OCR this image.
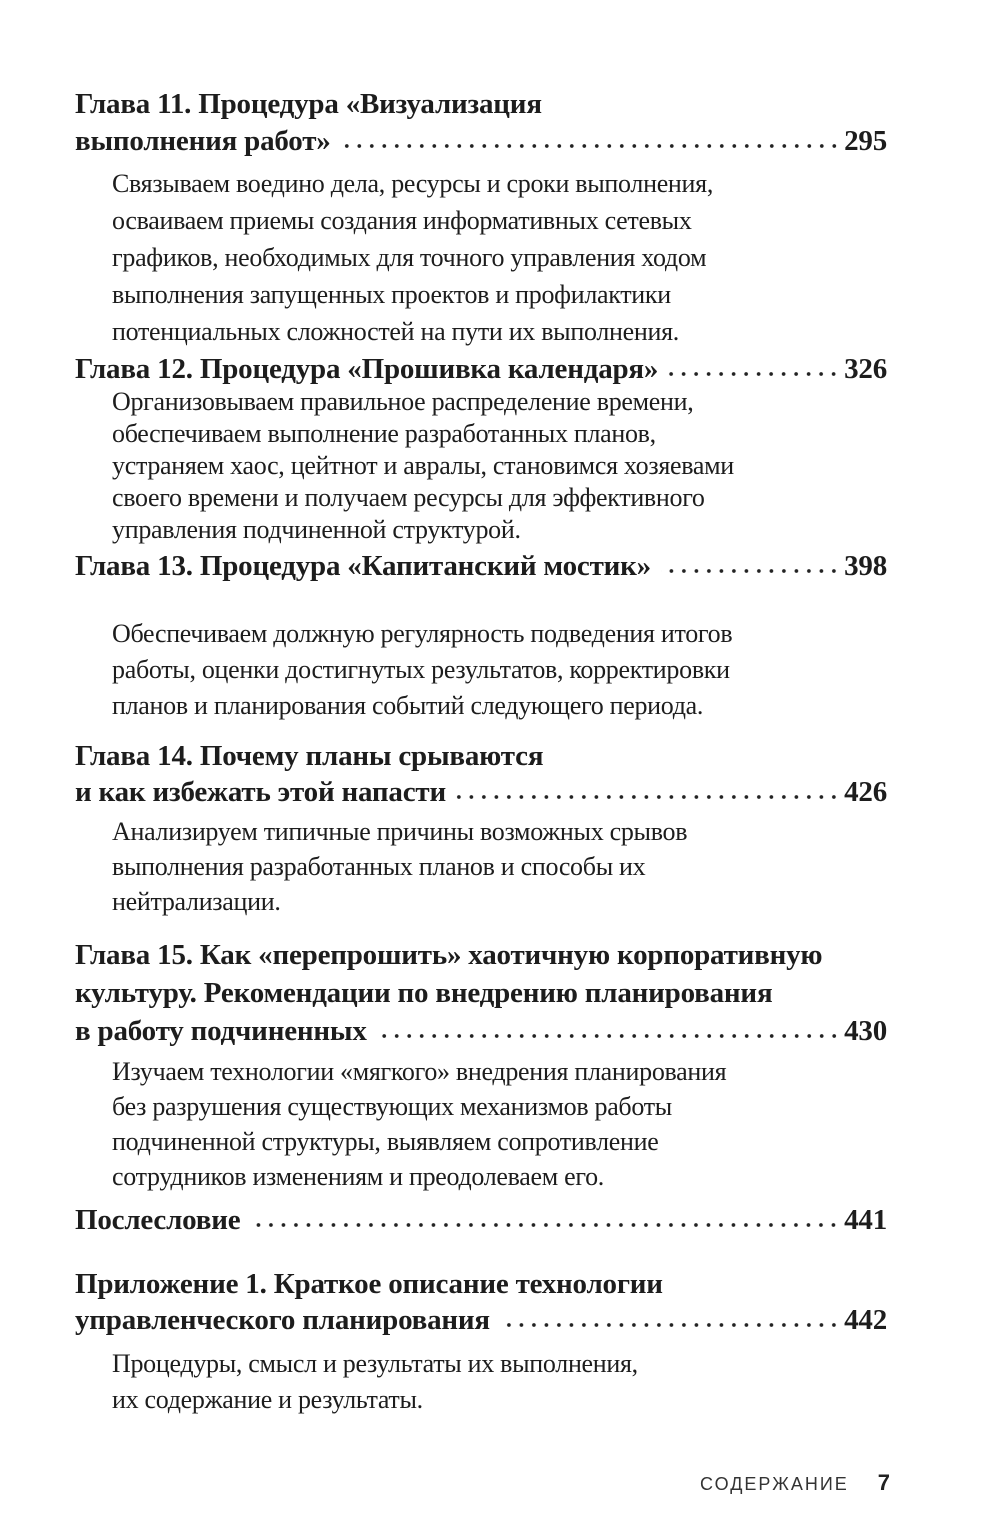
Глава 11. Процедура «Визуализация
выполнения работ»	295
Связываем воедино дела, ресурсы и сроки выполнения,
осваиваем приемы создания информативных сетевых
графиков, необходимых для точного управления ходом
выполнения запущенных проектов и профилактики
потенциальных сложностей на пути их выполнения.
Глава 12. Процедура «Прошивка календаря»	326
Организовываем правильное распределение времени,
обеспечиваем выполнение разработанных планов,
устраняем хаос, цейтнот и авралы, становимся хозяевами
своего времени и получаем ресурсы для эффективного
управления подчиненной структурой.
Глава 13. Процедура «Капитанский мостик»	398
Обеспечиваем должную регулярность подведения итогов
работы, оценки достигнутых результатов, корректировки
планов и планирования событий следующего периода.
Глава 14. Почему планы срываются
и как избежать этой напасти	426
Анализируем типичные причины возможных срывов
выполнения разработанных планов и способы их
нейтрализации.
Глава 15. Как «перепрошить» хаотичную корпоративную
культуру. Рекомендации по внедрению планирования
в работу подчиненных	430
Изучаем технологии «мягкого» внедрения планирования
без разрушения существующих механизмов работы
подчиненной структуры, выявляем сопротивление
сотрудников изменениям и преодолеваем его.
Послесловие	441
Приложение 1. Краткое описание технологии
управленческого планирования	442
Процедуры, смысл и результаты их выполнения,
их содержание и результаты.
СОДЕРЖАНИЕ 7
